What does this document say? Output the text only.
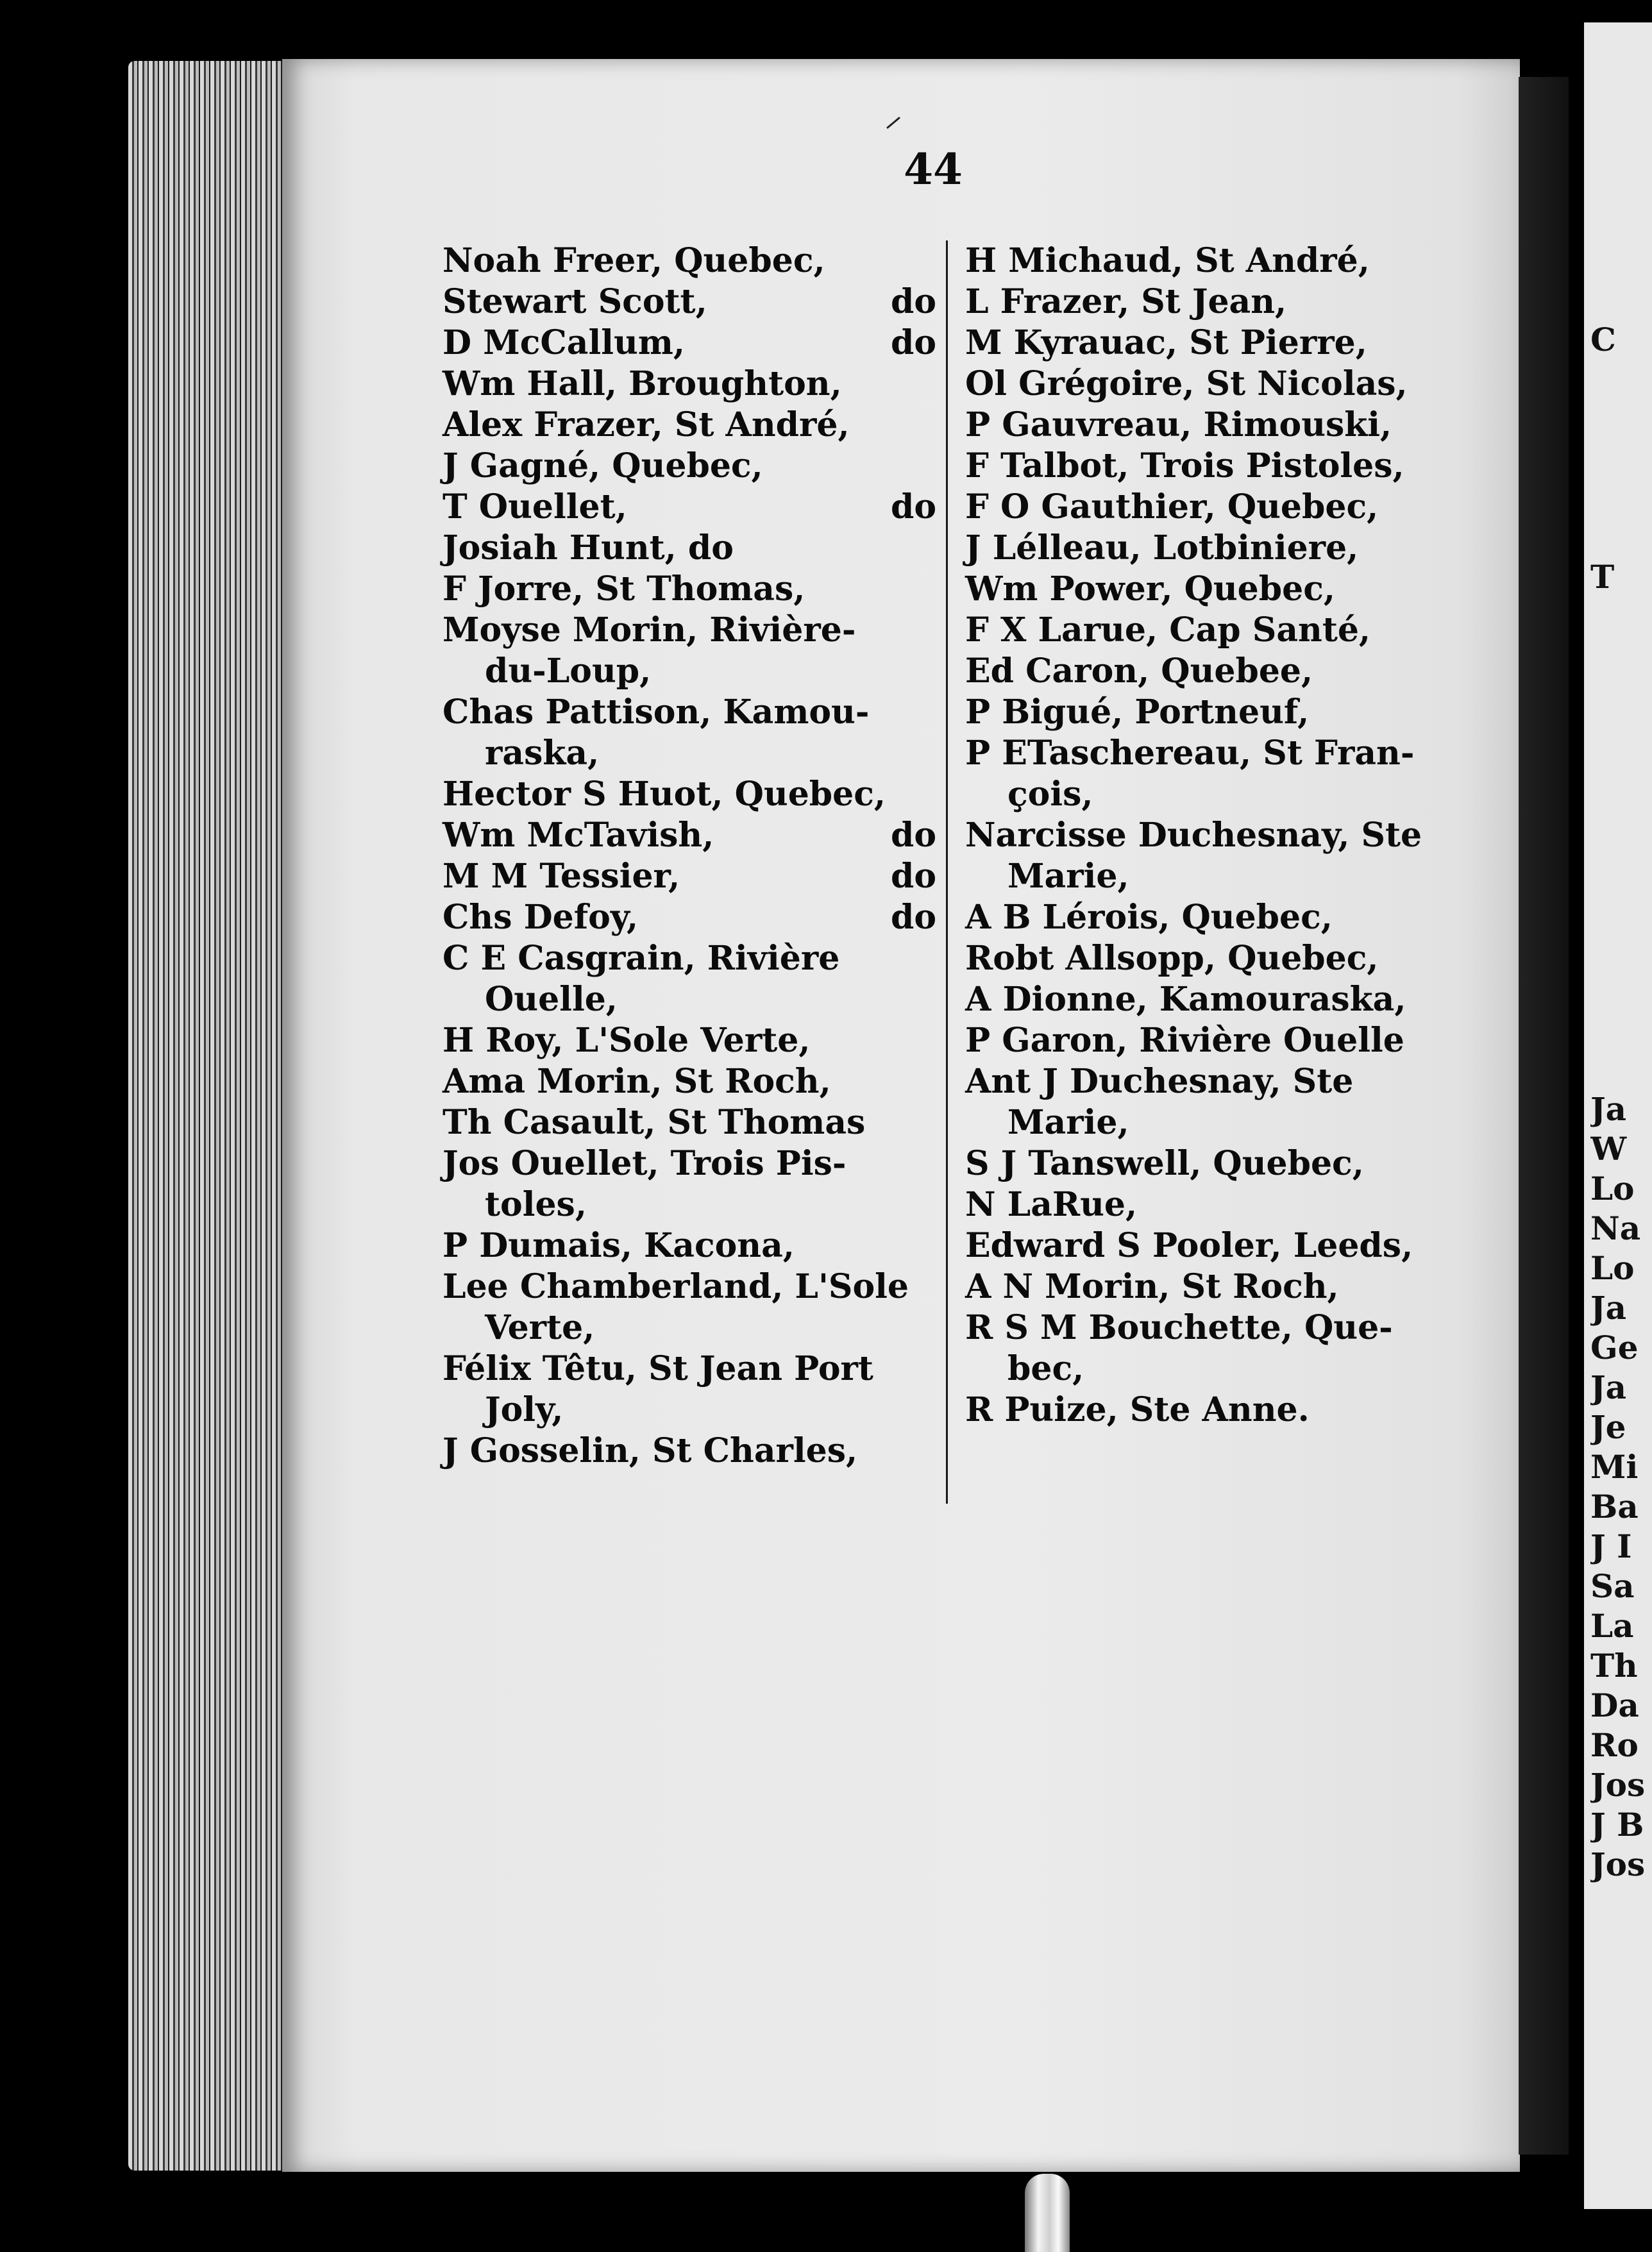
C
T
Ja
W
Lo
Na
Lo
Ja
Ge
Ja
Je
Mi
Ba
J I
Sa
La
Th
Da
Ro
Jos
J B
Jos
44
Noah Freer, Quebec,
Stewart Scott,	do
D McCallum,	do
Wm Hall, Broughton,
Alex Frazer, St André,
J Gagné, Quebec,
T Ouellet,	do
Josiah Hunt, do
F Jorre, St Thomas,
Moyse Morin, Rivière-
du-Loup,
Chas Pattison, Kamou-
raska,
Hector S Huot, Quebec,
Wm McTavish,	do
M M Tessier,	do
Chs Defoy,	do
C E Casgrain, Rivière
Ouelle,
H Roy, L'Sole Verte,
Ama Morin, St Roch,
Th Casault, St Thomas
Jos Ouellet, Trois Pis-
toles,
P Dumais, Kacona,
Lee Chamberland, L'Sole
Verte,
Félix Têtu, St Jean Port
Joly,
J Gosselin, St Charles,
H Michaud, St André,
L Frazer, St Jean,
M Kyrauac, St Pierre,
Ol Grégoire, St Nicolas,
P Gauvreau, Rimouski,
F Talbot, Trois Pistoles,
F O Gauthier, Quebec,
J Lélleau, Lotbiniere,
Wm Power, Quebec,
F X Larue, Cap Santé,
Ed Caron, Quebee,
P Bigué, Portneuf,
P ETaschereau, St Fran-
çois,
Narcisse Duchesnay, Ste
Marie,
A B Lérois, Quebec,
Robt Allsopp, Quebec,
A Dionne, Kamouraska,
P Garon, Rivière Ouelle
Ant J Duchesnay, Ste
Marie,
S J Tanswell, Quebec,
N LaRue,
Edward S Pooler, Leeds,
A N Morin, St Roch,
R S M Bouchette, Que-
bec,
R Puize, Ste Anne.
